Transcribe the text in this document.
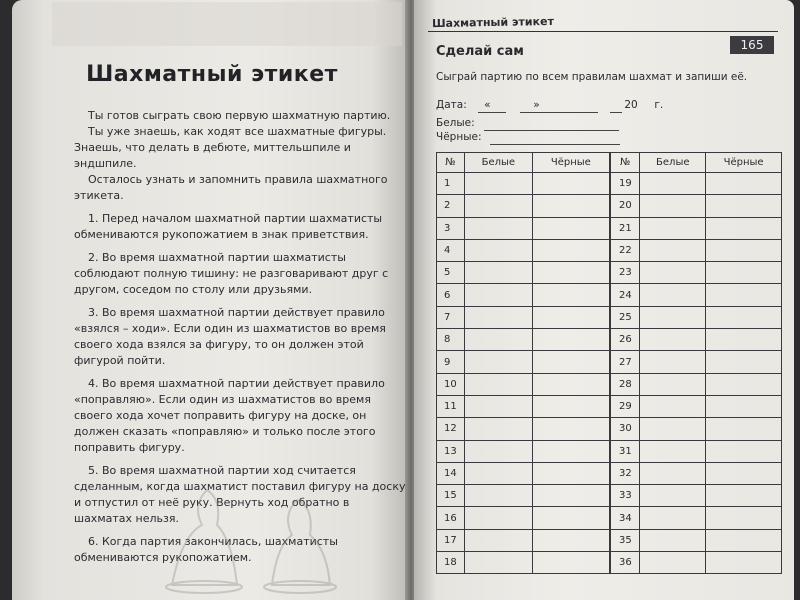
Шахматный этикет

Ты готов сыграть свою первую шахматную партию.

Ты уже знаешь, как ходят все шахматные фигуры. Знаешь, что делать в дебюте, миттельшпиле и эндшпиле.

Осталось узнать и запомнить правила шахматного этикета.

1. Перед началом шахматной партии шахматисты обмениваются рукопожатием в знак приветствия.

2. Во время шахматной партии шахматисты соблюдают полную тишину: не разговаривают друг с другом, соседом по столу или друзьями.

3. Во время шахматной партии действует правило «взялся – ходи». Если один из шахматистов во время своего хода взялся за фигуру, то он должен этой фигурой пойти.

4. Во время шахматной партии действует правило «поправляю». Если один из шахматистов во время своего хода хочет поправить фигуру на доске, он должен сказать «поправляю» и только после этого поправить фигуру.

5. Во время шахматной партии ход считается сделанным, когда шахматист поставил фигуру на доску и отпустил от неё руку. Вернуть ход обратно в шахматах нельзя.

6. Когда партия закончилась, шахматисты обмениваются рукопожатием.

Шахматный этикет
165
Сделай сам
Сыграй партию по всем правилам шахмат и запиши её.
Дата: «	»	20 г.
Белые:
Чёрные:
№	Белые	Чёрные	№	Белые	Чёрные
1			19		
2			20		
3			21		
4			22		
5			23		
6			24		
7			25		
8			26		
9			27		
10			28		
11			29		
12			30		
13			31		
14			32		
15			33		
16			34		
17			35		
18			36		
